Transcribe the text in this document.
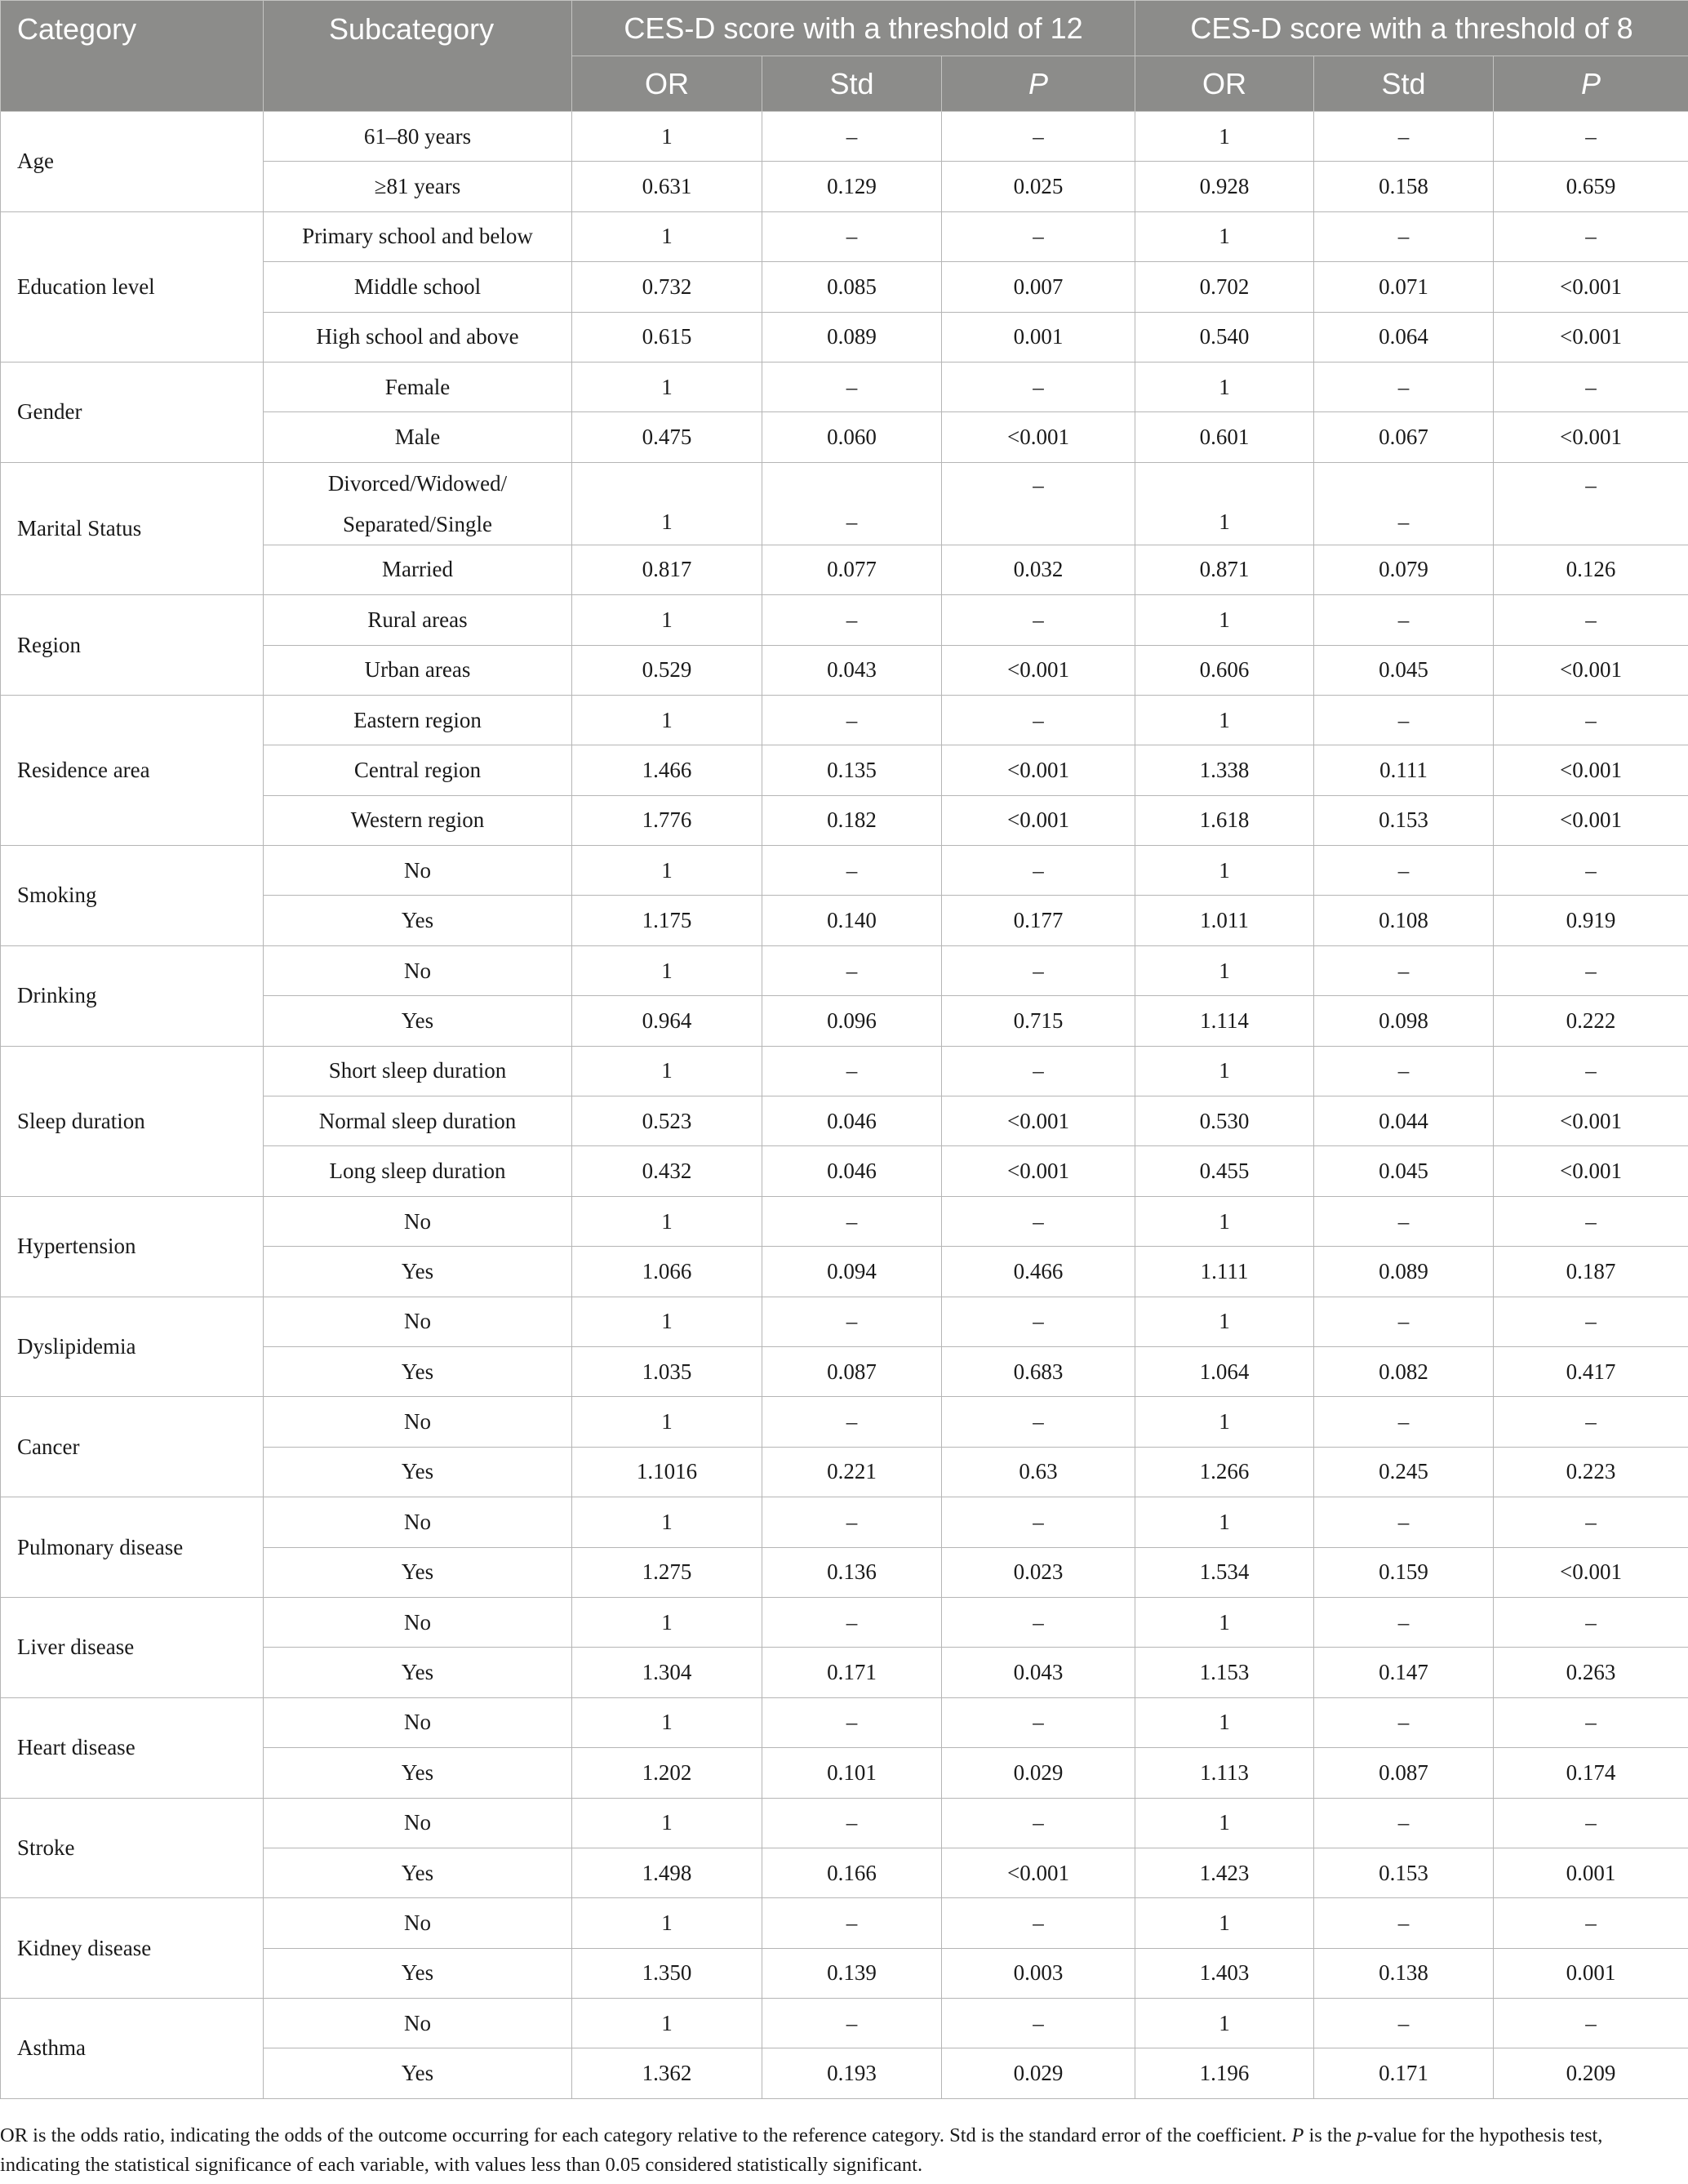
Category	Subcategory	CES-D score with a threshold of 12			CES-D score with a threshold of 8		
		OR	Std	P	OR	Std	P
Age	61–80 years	1	–	–	1	–	–
	≥81 years	0.631	0.129	0.025	0.928	0.158	0.659
Education level	Primary school and below	1	–	–	1	–	–
	Middle school	0.732	0.085	0.007	0.702	0.071	<0.001
	High school and above	0.615	0.089	0.001	0.540	0.064	<0.001
Gender	Female	1	–	–	1	–	–
	Male	0.475	0.060	<0.001	0.601	0.067	<0.001
Marital Status	Divorced/Widowed/ Separated/Single	1	–	–	1	–	–
	Married	0.817	0.077	0.032	0.871	0.079	0.126
Region	Rural areas	1	–	–	1	–	–
	Urban areas	0.529	0.043	<0.001	0.606	0.045	<0.001
Residence area	Eastern region	1	–	–	1	–	–
	Central region	1.466	0.135	<0.001	1.338	0.111	<0.001
	Western region	1.776	0.182	<0.001	1.618	0.153	<0.001
Smoking	No	1	–	–	1	–	–
	Yes	1.175	0.140	0.177	1.011	0.108	0.919
Drinking	No	1	–	–	1	–	–
	Yes	0.964	0.096	0.715	1.114	0.098	0.222
Sleep duration	Short sleep duration	1	–	–	1	–	–
	Normal sleep duration	0.523	0.046	<0.001	0.530	0.044	<0.001
	Long sleep duration	0.432	0.046	<0.001	0.455	0.045	<0.001
Hypertension	No	1	–	–	1	–	–
	Yes	1.066	0.094	0.466	1.111	0.089	0.187
Dyslipidemia	No	1	–	–	1	–	–
	Yes	1.035	0.087	0.683	1.064	0.082	0.417
Cancer	No	1	–	–	1	–	–
	Yes	1.1016	0.221	0.63	1.266	0.245	0.223
Pulmonary disease	No	1	–	–	1	–	–
	Yes	1.275	0.136	0.023	1.534	0.159	<0.001
Liver disease	No	1	–	–	1	–	–
	Yes	1.304	0.171	0.043	1.153	0.147	0.263
Heart disease	No	1	–	–	1	–	–
	Yes	1.202	0.101	0.029	1.113	0.087	0.174
Stroke	No	1	–	–	1	–	–
	Yes	1.498	0.166	<0.001	1.423	0.153	0.001
Kidney disease	No	1	–	–	1	–	–
	Yes	1.350	0.139	0.003	1.403	0.138	0.001
Asthma	No	1	–	–	1	–	–
	Yes	1.362	0.193	0.029	1.196	0.171	0.209
OR is the odds ratio, indicating the odds of the outcome occurring for each category relative to the reference category. Std is the standard error of the coefficient. P is the p-value for the hypothesis test, indicating the statistical significance of each variable, with values less than 0.05 considered statistically significant.
